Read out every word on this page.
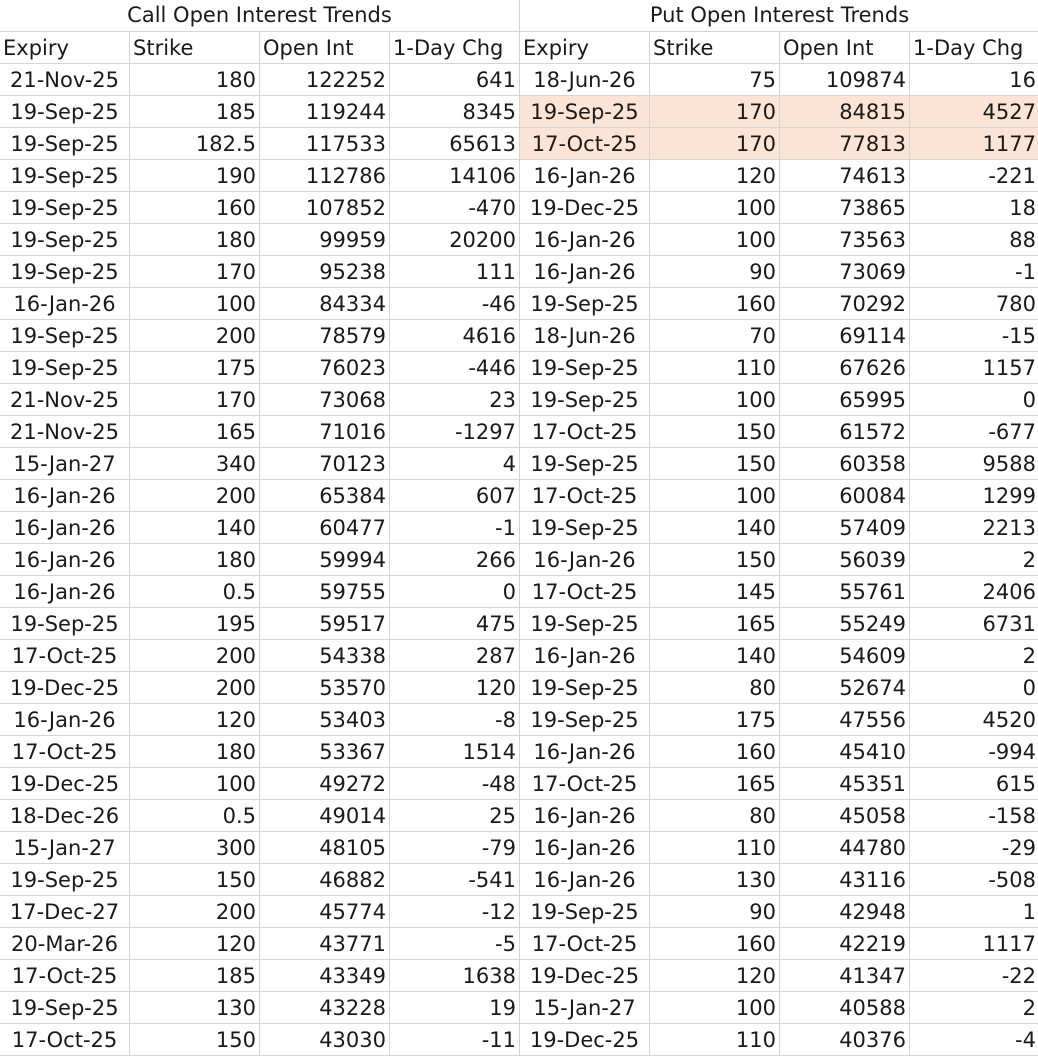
Call Open Interest Trends
Expiry	Strike	Open Int	1-Day Chg
21-Nov-25	180	122252	641
19-Sep-25	185	119244	8345
19-Sep-25	182.5	117533	65613
19-Sep-25	190	112786	14106
19-Sep-25	160	107852	-470
19-Sep-25	180	99959	20200
19-Sep-25	170	95238	111
16-Jan-26	100	84334	-46
19-Sep-25	200	78579	4616
19-Sep-25	175	76023	-446
21-Nov-25	170	73068	23
21-Nov-25	165	71016	-1297
15-Jan-27	340	70123	4
16-Jan-26	200	65384	607
16-Jan-26	140	60477	-1
16-Jan-26	180	59994	266
16-Jan-26	0.5	59755	0
19-Sep-25	195	59517	475
17-Oct-25	200	54338	287
19-Dec-25	200	53570	120
16-Jan-26	120	53403	-8
17-Oct-25	180	53367	1514
19-Dec-25	100	49272	-48
18-Dec-26	0.5	49014	25
15-Jan-27	300	48105	-79
19-Sep-25	150	46882	-541
17-Dec-27	200	45774	-12
20-Mar-26	120	43771	-5
17-Oct-25	185	43349	1638
19-Sep-25	130	43228	19
17-Oct-25	150	43030	-11
Put Open Interest Trends
Expiry	Strike	Open Int	1-Day Chg
18-Jun-26	75	109874	16
19-Sep-25	170	84815	4527
17-Oct-25	170	77813	1177
16-Jan-26	120	74613	-221
19-Dec-25	100	73865	18
16-Jan-26	100	73563	88
16-Jan-26	90	73069	-1
19-Sep-25	160	70292	780
18-Jun-26	70	69114	-15
19-Sep-25	110	67626	1157
19-Sep-25	100	65995	0
17-Oct-25	150	61572	-677
19-Sep-25	150	60358	9588
17-Oct-25	100	60084	1299
19-Sep-25	140	57409	2213
16-Jan-26	150	56039	2
17-Oct-25	145	55761	2406
19-Sep-25	165	55249	6731
16-Jan-26	140	54609	2
19-Sep-25	80	52674	0
19-Sep-25	175	47556	4520
16-Jan-26	160	45410	-994
17-Oct-25	165	45351	615
16-Jan-26	80	45058	-158
16-Jan-26	110	44780	-29
16-Jan-26	130	43116	-508
19-Sep-25	90	42948	1
17-Oct-25	160	42219	1117
19-Dec-25	120	41347	-22
15-Jan-27	100	40588	2
19-Dec-25	110	40376	-4
